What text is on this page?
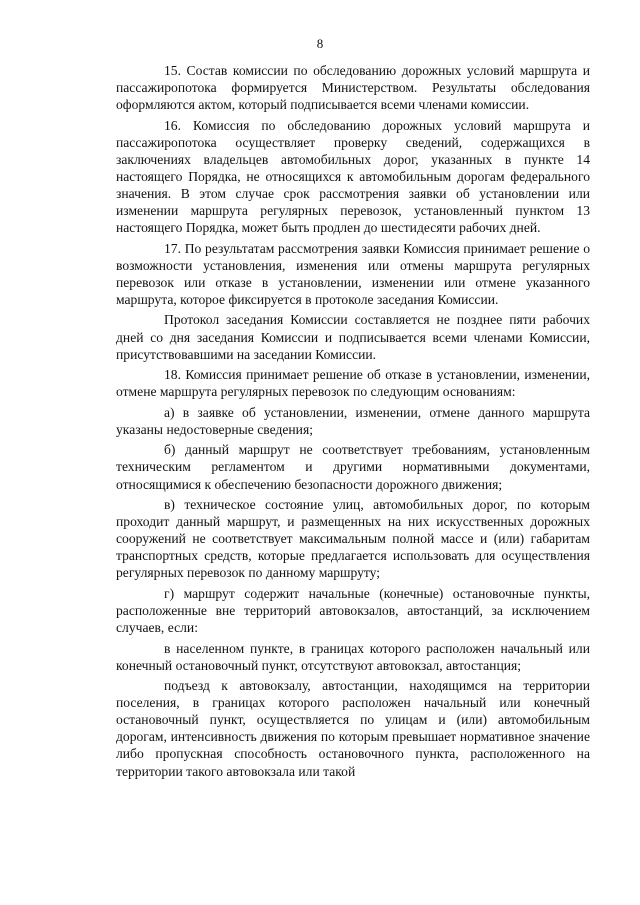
8

15. Состав комиссии по обследованию дорожных условий маршрута и пассажиропотока формируется Министерством. Результаты обследования оформляются актом, который подписывается всеми членами комиссии.

16. Комиссия по обследованию дорожных условий маршрута и пассажиропотока осуществляет проверку сведений, содержащихся в заключениях владельцев автомобильных дорог, указанных в пункте 14 настоящего Порядка, не относящихся к автомобильным дорогам федерального значения. В этом случае срок рассмотрения заявки об установлении или изменении маршрута регулярных перевозок, установленный пунктом 13 настоящего Порядка, может быть продлен до шестидесяти рабочих дней.

17. По результатам рассмотрения заявки Комиссия принимает решение о возможности установления, изменения или отмены маршрута регулярных перевозок или отказе в установлении, изменении или отмене указанного маршрута, которое фиксируется в протоколе заседания Комиссии.

Протокол заседания Комиссии составляется не позднее пяти рабочих дней со дня заседания Комиссии и подписывается всеми членами Комиссии, присутствовавшими на заседании Комиссии.

18. Комиссия принимает решение об отказе в установлении, изменении, отмене маршрута регулярных перевозок по следующим основаниям:

а) в заявке об установлении, изменении, отмене данного маршрута указаны недостоверные сведения;

б) данный маршрут не соответствует требованиям, установленным техническим регламентом и другими нормативными документами, относящимися к обеспечению безопасности дорожного движения;

в) техническое состояние улиц, автомобильных дорог, по которым проходит данный маршрут, и размещенных на них искусственных дорожных сооружений не соответствует максимальным полной массе и (или) габаритам транспортных средств, которые предлагается использовать для осуществления регулярных перевозок по данному маршруту;

г) маршрут содержит начальные (конечные) остановочные пункты, расположенные вне территорий автовокзалов, автостанций, за исключением случаев, если:

в населенном пункте, в границах которого расположен начальный или конечный остановочный пункт, отсутствуют автовокзал, автостанция;

подъезд к автовокзалу, автостанции, находящимся на территории поселения, в границах которого расположен начальный или конечный остановочный пункт, осуществляется по улицам и (или) автомобильным дорогам, интенсивность движения по которым превышает нормативное значение либо пропускная способность остановочного пункта, расположенного на территории такого автовокзала или такой
